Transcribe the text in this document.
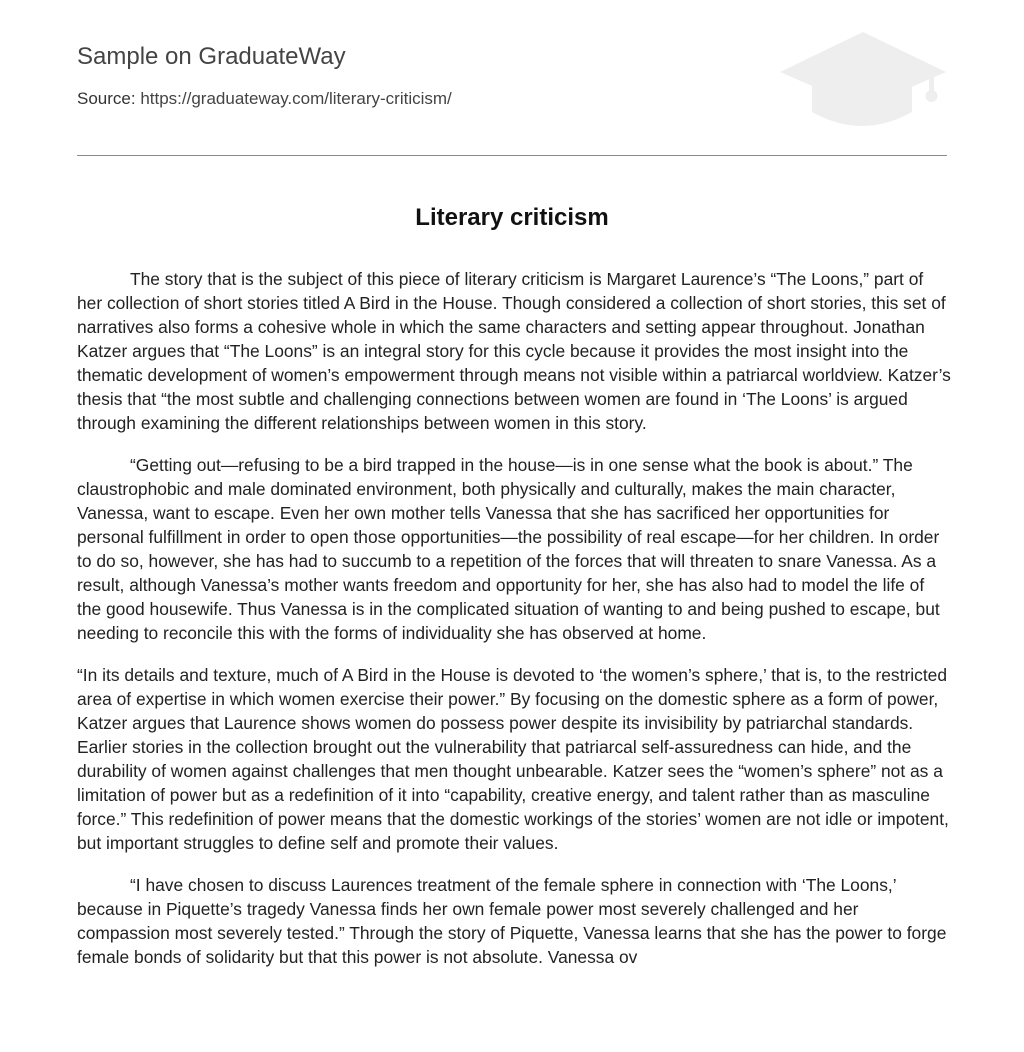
Sample on GraduateWay
Source: https://graduateway.com/literary-criticism/
Literary criticism

The story that is the subject of this piece of literary criticism is Margaret Laurence’s “The Loons,” part of her collection of short stories titled A Bird in the House. Though considered a collection of short stories, this set of narratives also forms a cohesive whole in which the same characters and setting appear throughout. Jonathan Katzer argues that “The Loons” is an integral story for this cycle because it provides the most insight into the thematic development of women’s empowerment through means not visible within a patriarcal worldview. Katzer’s thesis that “the most subtle and challenging connections between women are found in ‘The Loons’ is argued through examining the different relationships between women in this story.

“Getting out—refusing to be a bird trapped in the house—is in one sense what the book is about.” The claustrophobic and male dominated environment, both physically and culturally, makes the main character, Vanessa, want to escape. Even her own mother tells Vanessa that she has sacrificed her opportunities for personal fulfillment in order to open those opportunities—the possibility of real escape—for her children. In order to do so, however, she has had to succumb to a repetition of the forces that will threaten to snare Vanessa. As a result, although Vanessa’s mother wants freedom and opportunity for her, she has also had to model the life of the good housewife. Thus Vanessa is in the complicated situation of wanting to and being pushed to escape, but needing to reconcile this with the forms of individuality she has observed at home.

“In its details and texture, much of A Bird in the House is devoted to ‘the women’s sphere,’ that is, to the restricted area of expertise in which women exercise their power.” By focusing on the domestic sphere as a form of power, Katzer argues that Laurence shows women do possess power despite its invisibility by patriarchal standards. Earlier stories in the collection brought out the vulnerability that patriarcal self-assuredness can hide, and the durability of women against challenges that men thought unbearable. Katzer sees the “women’s sphere” not as a limitation of power but as a redefinition of it into “capability, creative energy, and talent rather than as masculine force.” This redefinition of power means that the domestic workings of the stories’ women are not idle or impotent, but important struggles to define self and promote their values.

“I have chosen to discuss Laurences treatment of the female sphere in connection with ‘The Loons,’ because in Piquette’s tragedy Vanessa finds her own female power most severely challenged and her compassion most severely tested.” Through the story of Piquette, Vanessa learns that she has the power to forge female bonds of solidarity but that this power is not absolute. Vanessa ov
